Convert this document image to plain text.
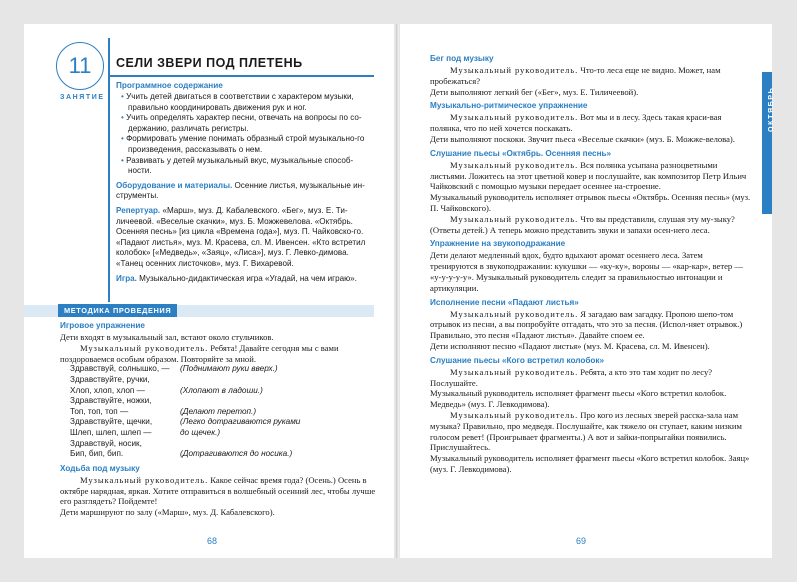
11
ЗАНЯТИЕ
СЕЛИ ЗВЕРИ ПОД ПЛЕТЕНЬ
Программное содержание

• Учить детей двигаться в соответствии с характером музыки, правильно координировать движения рук и ног.

• Учить определять характер песни, отвечать на вопросы по со-держанию, различать регистры.

• Формировать умение понимать образный строй музыкально-го произведения, рассказывать о нем.

• Развивать у детей музыкальный вкус, музыкальные способ-ности.

Оборудование и материалы. Осенние листья, музыкальные ин-струменты.

Репертуар. «Марш», муз. Д. Кабалевского. «Бег», муз. Е. Ти-личеевой. «Веселые скачки», муз. Б. Можжевелова. «Октябрь. Осенняя песнь» [из цикла «Времена года»], муз. П. Чайковско-го. «Падают листья», муз. М. Красева, сл. М. Ивенсен. «Кто встретил колобок» [«Медведь», «Заяц», «Лиса»], муз. Г. Левко-димова. «Танец осенних листочков», муз. Г. Вихаревой.

Игра. Музыкально-дидактическая игра «Угадай, на чем играю».

МЕТОДИКА ПРОВЕДЕНИЯ
Игровое упражнение

Дети входят в музыкальный зал, встают около стульчиков.

Музыкальный руководитель. Ребята! Давайте сегодня мы с вами поздороваемся особым образом. Повторяйте за мной.

Здравствуй, солнышко, —	(Поднимают руки вверх.)
Здравствуйте, ручки,
Хлоп, хлоп, хлоп —	(Хлопают в ладоши.)
Здравствуйте, ножки,
Топ, топ, топ —	(Делают перетоп.)
Здравствуйте, щечки,	(Легко дотрагиваются руками
Шлеп, шлеп, шлеп —	до щечек.)
Здравствуй, носик,
Бип, бип, бип.	(Дотрагиваются до носика.)
Ходьба под музыку

Музыкальный руководитель. Какое сейчас время года? (Осень.) Осень в октябре нарядная, яркая. Хотите отправиться в волшебный осенний лес, чтобы лучше его разглядеть? Пойдемте!

Дети маршируют по залу («Марш», муз. Д. Кабалевского).

68
ОКТЯБРЬ
Бег под музыку

Музыкальный руководитель. Что-то леса еще не видно. Может, нам пробежаться?

Дети выполняют легкий бег («Бег», муз. Е. Тиличеевой).

Музыкально-ритмическое упражнение

Музыкальный руководитель. Вот мы и в лесу. Здесь такая краси-вая полянка, что по ней хочется поскакать.

Дети выполняют поскоки. Звучит пьеса «Веселые скачки» (муз. Б. Можже-велова).

Слушание пьесы «Октябрь. Осенняя песнь»

Музыкальный руководитель. Вся полянка усыпана разноцветными листьями. Ложитесь на этот цветной ковер и послушайте, как композитор Петр Ильич Чайковский с помощью музыки передает осеннее на-строение.

Музыкальный руководитель исполняет отрывок пьесы «Октябрь. Осенняя песнь» (муз. П. Чайковского).

Музыкальный руководитель. Что вы представили, слушая эту му-зыку? (Ответы детей.) А теперь можно представить звуки и запахи осен-него леса.

Упражнение на звукоподражание

Дети делают медленный вдох, будто вдыхают аромат осеннего леса. Затем тренируются в звукоподражании: кукушки — «ку-ку», вороны — «кар-кар», ветер — «у-у-у-у-у». Музыкальный руководитель следит за правильностью интонации и артикуляции.

Исполнение песни «Падают листья»

Музыкальный руководитель. Я загадаю вам загадку. Пропою шепо-том отрывок из песни, а вы попробуйте отгадать, что это за песня. (Испол-няет отрывок.) Правильно, это песня «Падают листья». Давайте споем ее.

Дети исполняют песню «Падают листья» (муз. М. Красева, сл. М. Ивенсен).

Слушание пьесы «Кого встретил колобок»

Музыкальный руководитель. Ребята, а кто это там ходит по лесу? Послушайте.

Музыкальный руководитель исполняет фрагмент пьесы «Кого встретил колобок. Медведь» (муз. Г. Левкодимова).

Музыкальный руководитель. Про кого из лесных зверей расска-зала нам музыка? Правильно, про медведя. Послушайте, как тяжело он ступает, каким низким голосом ревет! (Проигрывает фрагменты.) А вот и зайки-попрыгайки появились. Прислушайтесь.

Музыкальный руководитель исполняет фрагмент пьесы «Кого встретил колобок. Заяц» (муз. Г. Левкодимова).

69
